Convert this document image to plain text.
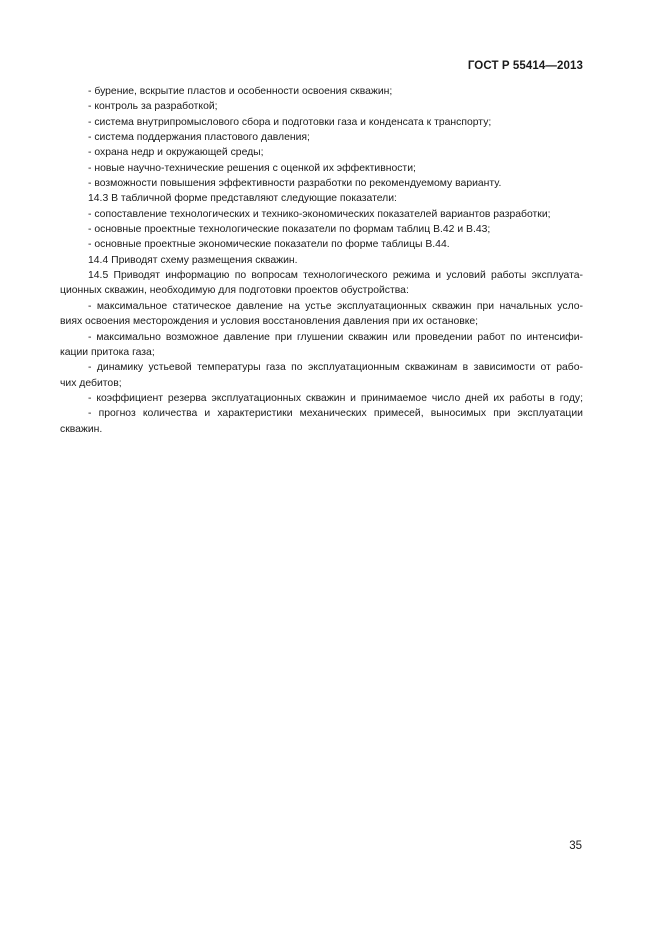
ГОСТ Р 55414—2013
- бурение, вскрытие пластов и особенности освоения скважин;
- контроль за разработкой;
- система внутрипромыслового сбора и подготовки газа и конденсата к транспорту;
- система поддержания пластового давления;
- охрана недр и окружающей среды;
- новые научно-технические решения с оценкой их эффективности;
- возможности повышения эффективности разработки по рекомендуемому варианту.
14.3 В табличной форме представляют следующие показатели:
- сопоставление технологических и технико-экономических показателей вариантов разработки;
- основные проектные технологические показатели по формам таблиц В.42 и В.43;
- основные проектные экономические показатели по форме таблицы В.44.
14.4 Приводят схему размещения скважин.
14.5 Приводят информацию по вопросам технологического режима и условий работы эксплуата-
ционных скважин, необходимую для подготовки проектов обустройства:
- максимальное статическое давление на устье эксплуатационных скважин при начальных усло-
виях освоения месторождения и условия восстановления давления при их остановке;
- максимально возможное давление при глушении скважин или проведении работ по интенсифи-
кации притока газа;
- динамику устьевой температуры газа по эксплуатационным скважинам в зависимости от рабо-
чих дебитов;
- коэффициент резерва эксплуатационных скважин и принимаемое число дней их работы в году;
- прогноз количества и характеристики механических примесей, выносимых при эксплуатации
скважин.
35
